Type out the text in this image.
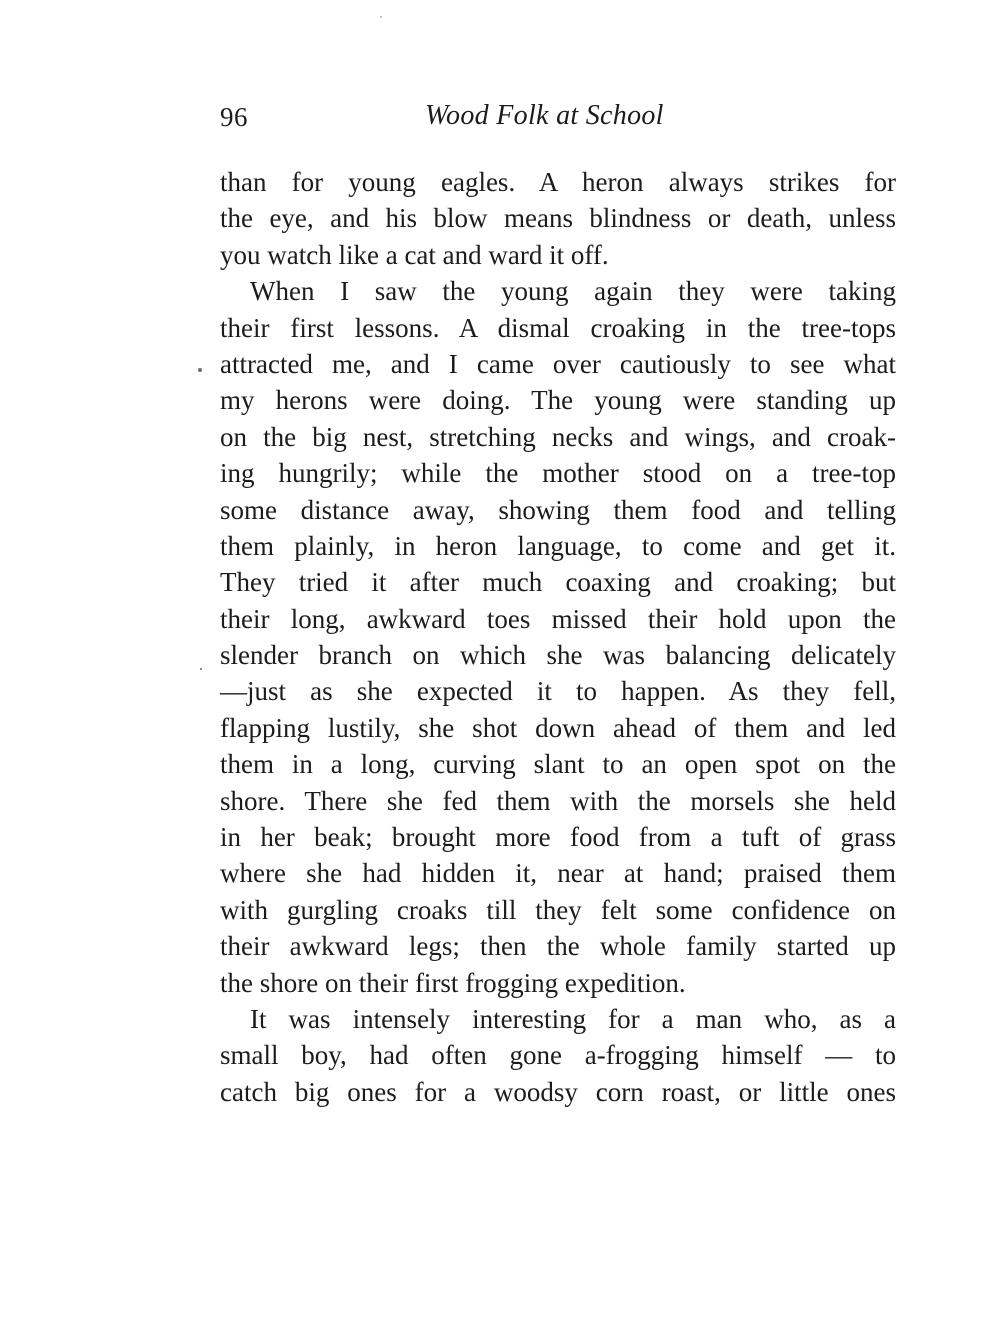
96	Wood Folk at School
than for young eagles. A heron always strikes for
the eye, and his blow means blindness or death, unless
you watch like a cat and ward it off.
When I saw the young again they were taking
their first lessons. A dismal croaking in the tree-tops
attracted me, and I came over cautiously to see what
my herons were doing. The young were standing up
on the big nest, stretching necks and wings, and croak-
ing hungrily; while the mother stood on a tree-top
some distance away, showing them food and telling
them plainly, in heron language, to come and get it.
They tried it after much coaxing and croaking; but
their long, awkward toes missed their hold upon the
slender branch on which she was balancing delicately
—just as she expected it to happen. As they fell,
flapping lustily, she shot down ahead of them and led
them in a long, curving slant to an open spot on the
shore. There she fed them with the morsels she held
in her beak; brought more food from a tuft of grass
where she had hidden it, near at hand; praised them
with gurgling croaks till they felt some confidence on
their awkward legs; then the whole family started up
the shore on their first frogging expedition.
It was intensely interesting for a man who, as a
small boy, had often gone a-frogging himself — to
catch big ones for a woodsy corn roast, or little ones
